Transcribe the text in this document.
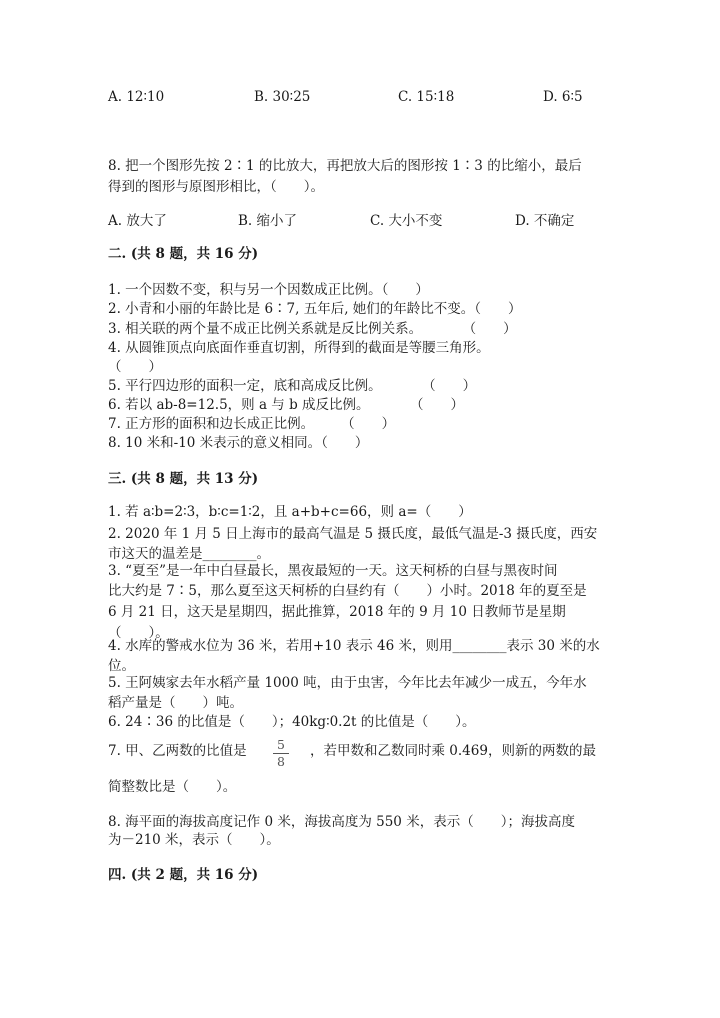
A. 12∶10	B. 30∶25	C. 15∶18	D. 6∶5
8. 把一个图形先按 2∶1 的比放大，再把放大后的图形按 1∶3 的比缩小，最后
得到的图形与原图形相比，（　　）。
A. 放大了	B. 缩小了	C. 大小不变	D. 不确定
二. (共 8 题，共 16 分)
1. 一个因数不变，积与另一个因数成正比例。（　　）
2. 小青和小丽的年龄比是 6∶7, 五年后, 她们的年龄比不变。（　　）
3. 相关联的两个量不成正比例关系就是反比例关系。　　　　（　　）
4. 从圆锥顶点向底面作垂直切割，所得到的截面是等腰三角形。
（　　）
5. 平行四边形的面积一定，底和高成反比例。　　　　（　　）
6. 若以 ab-8=12.5，则 a 与 b 成反比例。　　　　（　　）
7. 正方形的面积和边长成正比例。　　　（　　）
8. 10 米和-10 米表示的意义相同。（　　）
三. (共 8 题，共 13 分)
1. 若 a∶b=2∶3，b∶c=1∶2，且 a+b+c=66，则 a=（　　）
2. 2020 年 1 月 5 日上海市的最高气温是 5 摄氏度，最低气温是-3 摄氏度，西安
市这天的温差是________。
3. “夏至”是一年中白昼最长，黑夜最短的一天。这天柯桥的白昼与黑夜时间
比大约是 7∶5，那么夏至这天柯桥的白昼约有（　　）小时。2018 年的夏至是
6 月 21 日，这天是星期四，据此推算，2018 年的 9 月 10 日教师节是星期
（　　）。
4. 水库的警戒水位为 36 米，若用+10 表示 46 米，则用________表示 30 米的水
位。
5. 王阿姨家去年水稻产量 1000 吨，由于虫害，今年比去年减少一成五，今年水
稻产量是（　　）吨。
6. 24∶36 的比值是（　　）；40kg∶0.2t 的比值是（　　）。
7. 甲、乙两数的比值是	5
8
，若甲数和乙数同时乘 0.469，则新的两数的最
简整数比是（　　）。
8. 海平面的海拔高度记作 0 米，海拔高度为 550 米，表示（　　）；海拔高度
为－210 米，表示（　　）。
四. (共 2 题，共 16 分)
